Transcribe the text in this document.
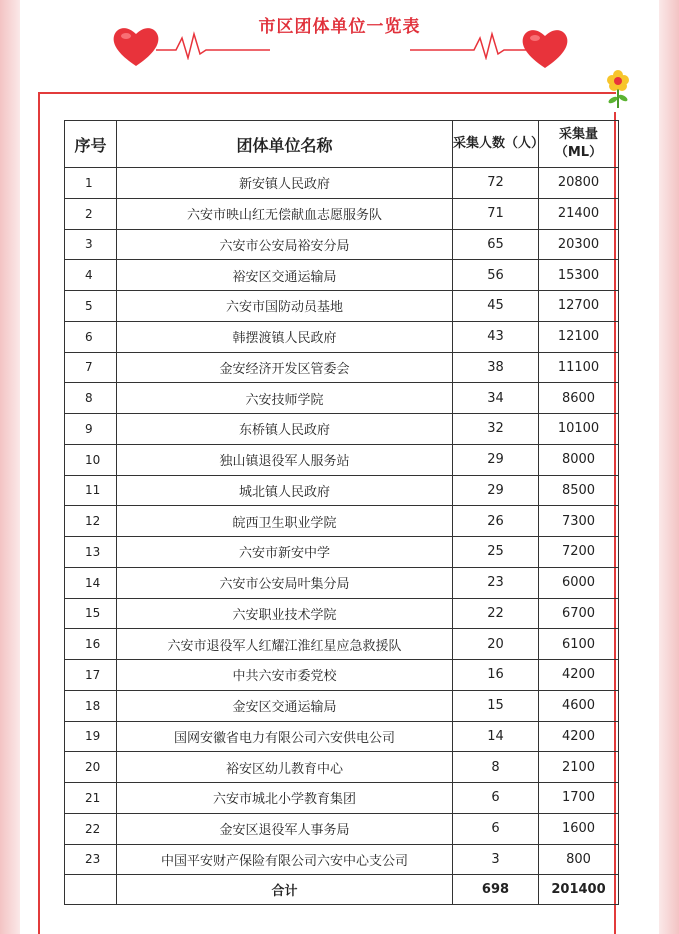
市区团体单位一览表
序号	团体单位名称	采集人数（人）	采集量
（ML）

1	新安镇人民政府	72	20800
2	六安市映山红无偿献血志愿服务队	71	21400
3	六安市公安局裕安分局	65	20300
4	裕安区交通运输局	56	15300
5	六安市国防动员基地	45	12700
6	韩摆渡镇人民政府	43	12100
7	金安经济开发区管委会	38	11100
8	六安技师学院	34	8600
9	东桥镇人民政府	32	10100
10	独山镇退役军人服务站	29	8000
11	城北镇人民政府	29	8500
12	皖西卫生职业学院	26	7300
13	六安市新安中学	25	7200
14	六安市公安局叶集分局	23	6000
15	六安职业技术学院	22	6700
16	六安市退役军人红耀江淮红星应急救援队	20	6100
17	中共六安市委党校	16	4200
18	金安区交通运输局	15	4600
19	国网安徽省电力有限公司六安供电公司	14	4200
20	裕安区幼儿教育中心	8	2100
21	六安市城北小学教育集团	6	1700
22	金安区退役军人事务局	6	1600
23	中国平安财产保险有限公司六安中心支公司	3	800
	合计	698	201400
